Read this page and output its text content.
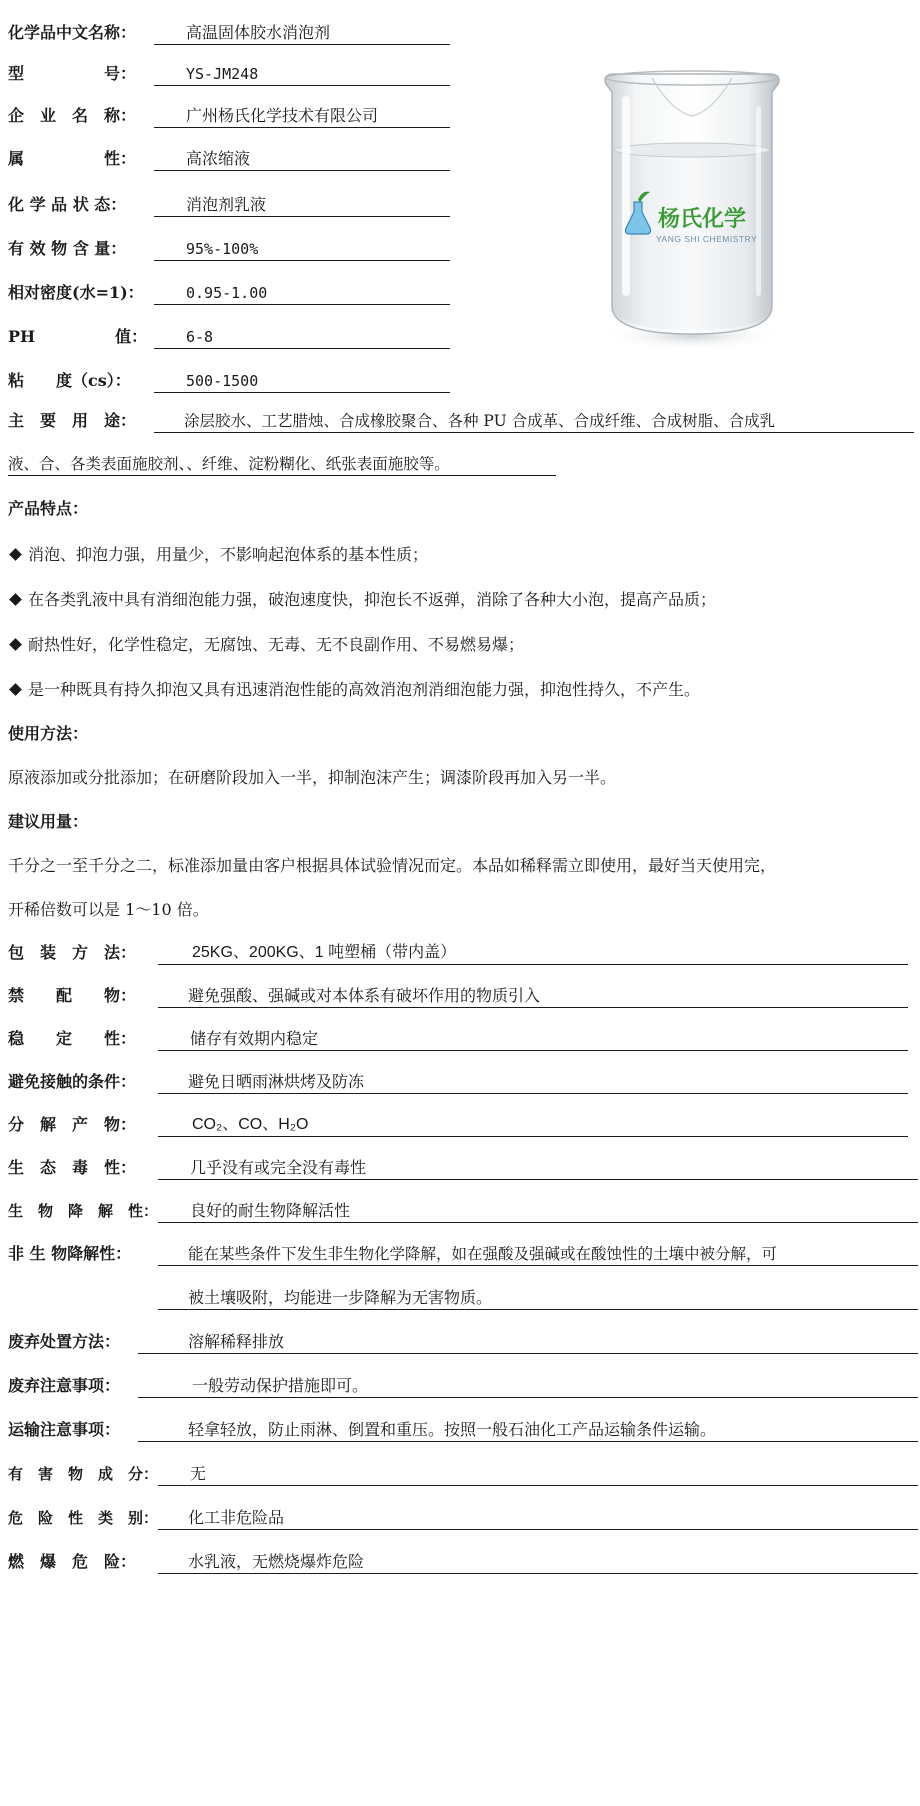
化学品中文名称：	高温固体胶水消泡剂
型　　　　　号：	YS-JM248
企　业　名　称：	广州杨氏化学技术有限公司
属　　　　　性：	高浓缩液
化 学 品 状 态：	消泡剂乳液
有 效 物 含 量：	95%-100%
相对密度(水=1)：	0.95-1.00
PH　　　　　值：	6-8
粘　　度（cs）：	500-1500
杨氏化学
YANG SHI CHEMISTRY
主　要　用　途：	涂层胶水、工艺腊烛、合成橡胶聚合、各种 PU 合成革、合成纤维、合成树脂、合成乳
液、合、各类表面施胶剂、、纤维、淀粉糊化、纸张表面施胶等。
产品特点：
消泡、抑泡力强，用量少，不影响起泡体系的基本性质；
在各类乳液中具有消细泡能力强，破泡速度快，抑泡长不返弹，消除了各种大小泡，提高产品质；
耐热性好，化学性稳定，无腐蚀、无毒、无不良副作用、不易燃易爆；
是一种既具有持久抑泡又具有迅速消泡性能的高效消泡剂消细泡能力强，抑泡性持久，不产生。
使用方法：
原液添加或分批添加；在研磨阶段加入一半，抑制泡沫产生；调漆阶段再加入另一半。
建议用量：
千分之一至千分之二，标准添加量由客户根据具体试验情况而定。本品如稀释需立即使用，最好当天使用完，
开稀倍数可以是 1～10 倍。
包　装　方　法：	25KG、200KG、1 吨塑桶（带内盖）
禁　　配　　物：	避免强酸、强碱或对本体系有破坏作用的物质引入
稳　　定　　性：	储存有效期内稳定
避免接触的条件：	避免日晒雨淋烘烤及防冻
分　解　产　物：	CO₂、CO、H₂O
生　态　毒　性：	几乎没有或完全没有毒性
生　物　降　解　性： 良好的耐生物降解活性
非 生 物降解性：	能在某些条件下发生非生物化学降解，如在强酸及强碱或在酸蚀性的土壤中被分解，可
被土壤吸附，均能进一步降解为无害物质。
废弃处置方法：	溶解稀释排放
废弃注意事项：	一般劳动保护措施即可。
运输注意事项：	轻拿轻放，防止雨淋、倒置和重压。按照一般石油化工产品运输条件运输。
有　害　物　成　分： 无
危　险　性　类　别： 化工非危险品
燃　爆　危　险：	水乳液，无燃烧爆炸危险
